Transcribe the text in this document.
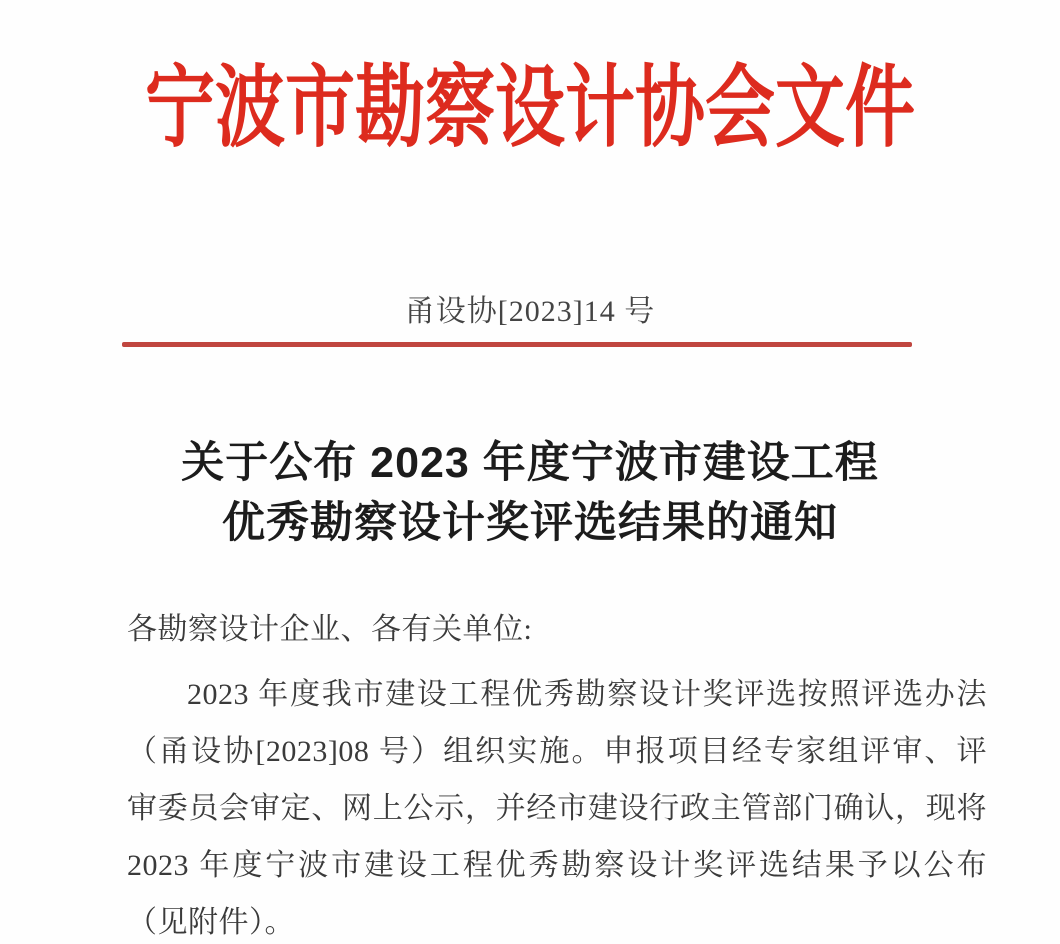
宁波市勘察设计协会文件
甬设协[2023]14 号
关于公布 2023 年度宁波市建设工程
优秀勘察设计奖评选结果的通知
各勘察设计企业、各有关单位:
2023 年度我市建设工程优秀勘察设计奖评选按照评选办法
（甬设协[2023]08 号）组织实施。申报项目经专家组评审、评
审委员会审定、网上公示，并经市建设行政主管部门确认，现将
2023 年度宁波市建设工程优秀勘察设计奖评选结果予以公布
（见附件）。
